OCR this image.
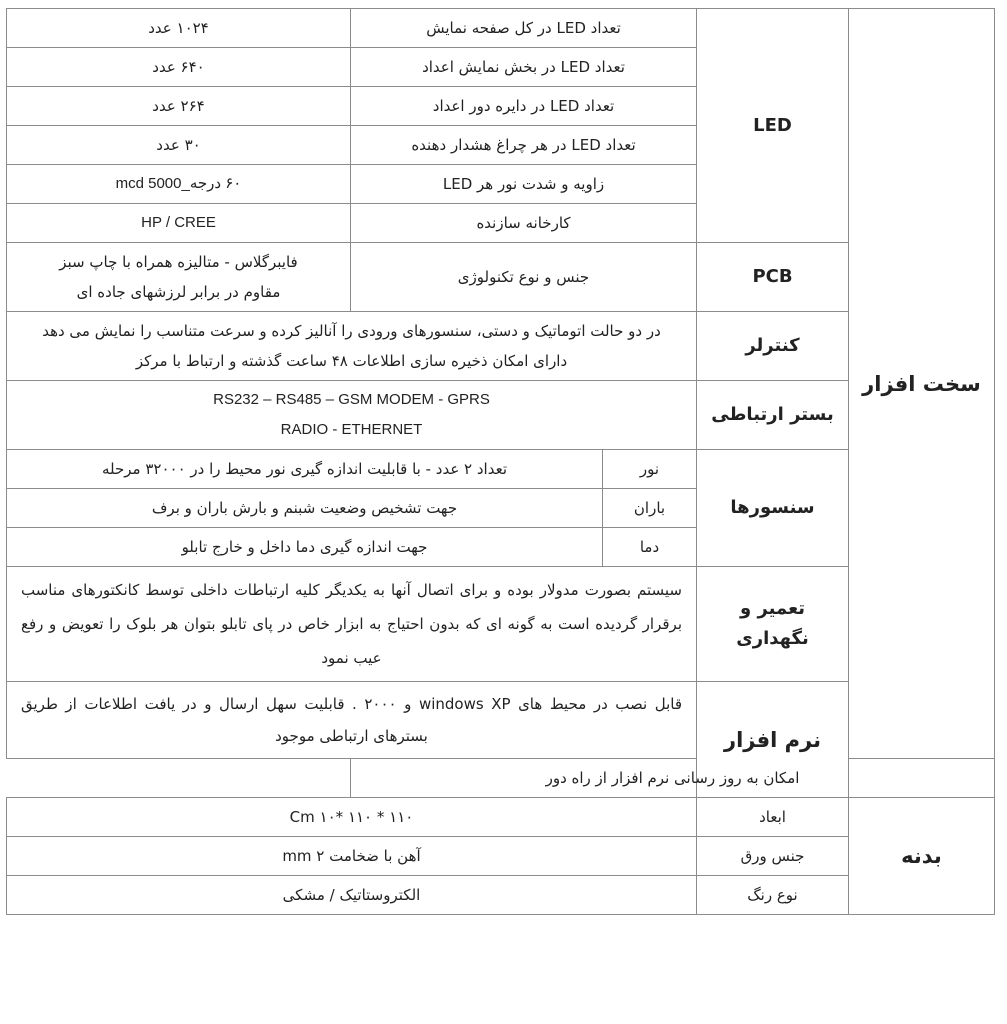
سخت افزار	LED	تعداد LED در کل صفحه نمایش		۱۰۲۴ عدد
		تعداد LED در بخش نمایش اعداد		۶۴۰ عدد
		تعداد LED در دایره دور اعداد		۲۶۴ عدد
		تعداد LED در هر چراغ هشدار دهنده		۳۰ عدد
		زاویه و شدت نور هر LED		۶۰ درجه_5000 mcd
		کارخانه سازنده		HP / CREE
	PCB	جنس و نوع تکنولوژی		فایبرگلاس - متالیزه همراه با چاپ سبز
مقاوم در برابر لرزشهای جاده ای

	کنترلر	در دو حالت اتوماتیک و دستی، سنسورهای ورودی را آنالیز کرده و سرعت متناسب را نمایش می دهد
دارای امکان ذخیره سازی اطلاعات ۴۸ ساعت گذشته و ارتباط با مرکز		

	بستر ارتباطی	RS232 – RS485 – GSM MODEM - GPRS
RADIO - ETHERNET		

	سنسورها	نور	تعداد ۲ عدد - با قابلیت اندازه گیری نور محیط را در ۳۲۰۰۰ مرحله	
		باران	جهت تشخیص وضعیت شبنم و بارش باران و برف	
		دما	جهت اندازه گیری دما داخل و خارج تابلو	
	تعمیر و نگهداری	سیستم بصورت مدولار بوده و برای اتصال آنها به یکدیگر کلیه ارتباطات داخلی توسط کانکتورهای مناسب برقرار گردیده است به گونه ای که بدون احتیاج به ابزار خاص در پای تابلو بتوان هر بلوک را تعویض و رفع عیب نمود		
	نرم افزار	قابل نصب در محیط های windows XP و ۲۰۰۰ . قابلیت سهل ارسال و در یافت اطلاعات از طریق بسترهای ارتباطی موجود		
امکان به روز رسانی نرم افزار از راه دور				
بدنه	ابعاد	۱۱۰ * ۱۱۰ *۱۰ Cm		
	جنس ورق	آهن با ضخامت mm ۲		
	نوع رنگ	الکتروستاتیک / مشکی		
